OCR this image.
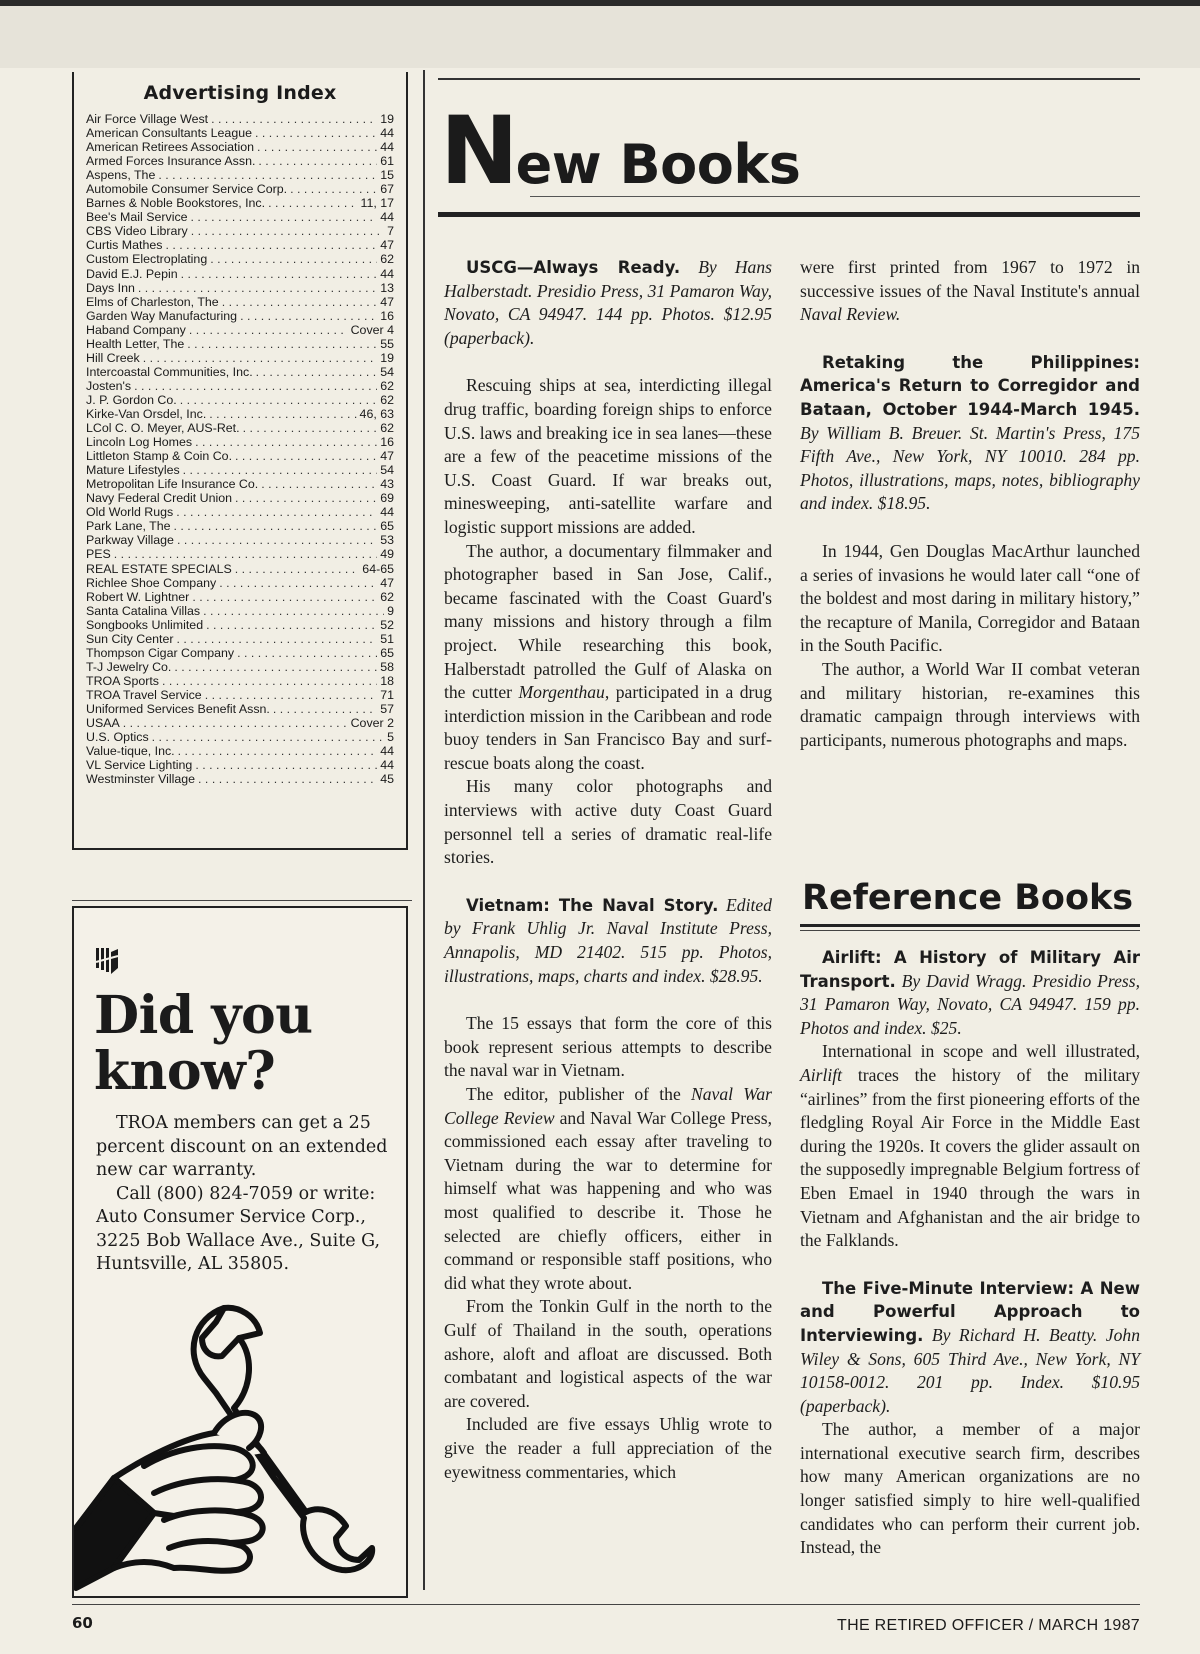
Advertising Index
Air Force Village West . . .	19
American Consultants League . . .	44
American Retirees Association . . .	44
Armed Forces Insurance Assn. . . .	61
Aspens, The . . .	15
Automobile Consumer Service Corp. . . .	67
Barnes & Noble Bookstores, Inc. . . .	11, 17
Bee's Mail Service . . .	44
CBS Video Library . . .	7
Curtis Mathes . . .	47
Custom Electroplating . . .	62
David E.J. Pepin . . .	44
Days Inn . . .	13
Elms of Charleston, The . . .	47
Garden Way Manufacturing . . .	16
Haband Company . . .	Cover 4
Health Letter, The . . .	55
Hill Creek . . .	19
Intercoastal Communities, Inc. . . .	54
Josten's . . .	62
J. P. Gordon Co. . . .	62
Kirke-Van Orsdel, Inc. . . .	46, 63
LCol C. O. Meyer, AUS-Ret. . . .	62
Lincoln Log Homes . . .	16
Littleton Stamp & Coin Co. . . .	47
Mature Lifestyles . . .	54
Metropolitan Life Insurance Co. . . .	43
Navy Federal Credit Union . . .	69
Old World Rugs . . .	44
Park Lane, The . . .	65
Parkway Village . . .	53
PES . . .	49
REAL ESTATE SPECIALS . . .	64-65
Richlee Shoe Company . . .	47
Robert W. Lightner . . .	62
Santa Catalina Villas . . .	9
Songbooks Unlimited . . .	52
Sun City Center . . .	51
Thompson Cigar Company . . .	65
T-J Jewelry Co. . . .	58
TROA Sports . . .	18
TROA Travel Service . . .	71
Uniformed Services Benefit Assn. . . .	57
USAA . . .	Cover 2
U.S. Optics . . .	5
Value-tique, Inc. . . .	44
VL Service Lighting . . .	44
Westminster Village . . .	45
Did you
know?

TROA members can get a 25 percent discount on an extended new car warranty.

Call (800) 824-7059 or write: Auto Consumer Service Corp., 3225 Bob Wallace Ave., Suite G, Huntsville, AL 35805.

New Books

USCG—Always Ready. By Hans Halberstadt. Presidio Press, 31 Pamaron Way, Novato, CA 94947. 144 pp. Photos. $12.95 (paperback).

Rescuing ships at sea, interdicting illegal drug traffic, boarding foreign ships to enforce U.S. laws and breaking ice in sea lanes—these are a few of the peacetime missions of the U.S. Coast Guard. If war breaks out, minesweeping, anti-satellite warfare and logistic support missions are added.

The author, a documentary filmmaker and photographer based in San Jose, Calif., became fascinated with the Coast Guard's many missions and history through a film project. While researching this book, Halberstadt patrolled the Gulf of Alaska on the cutter Morgenthau, participated in a drug interdiction mission in the Caribbean and rode buoy tenders in San Francisco Bay and surf-rescue boats along the coast.

His many color photographs and interviews with active duty Coast Guard personnel tell a series of dramatic real-life stories.

Vietnam: The Naval Story. Edited by Frank Uhlig Jr. Naval Institute Press, Annapolis, MD 21402. 515 pp. Photos, illustrations, maps, charts and index. $28.95.

The 15 essays that form the core of this book represent serious attempts to describe the naval war in Vietnam.

The editor, publisher of the Naval War College Review and Naval War College Press, commissioned each essay after traveling to Vietnam during the war to determine for himself what was happening and who was most qualified to describe it. Those he selected are chiefly officers, either in command or responsible staff positions, who did what they wrote about.

From the Tonkin Gulf in the north to the Gulf of Thailand in the south, operations ashore, aloft and afloat are discussed. Both combatant and logistical aspects of the war are covered.

Included are five essays Uhlig wrote to give the reader a full appreciation of the eyewitness commentaries, which

were first printed from 1967 to 1972 in successive issues of the Naval Institute's annual Naval Review.

Retaking the Philippines: America's Return to Corregidor and Bataan, October 1944-March 1945. By William B. Breuer. St. Martin's Press, 175 Fifth Ave., New York, NY 10010. 284 pp. Photos, illustrations, maps, notes, bibliography and index. $18.95.

In 1944, Gen Douglas MacArthur launched a series of invasions he would later call “one of the boldest and most daring in military history,” the recapture of Manila, Corregidor and Bataan in the South Pacific.

The author, a World War II combat veteran and military historian, re-examines this dramatic campaign through interviews with participants, numerous photographs and maps.

Reference Books

Airlift: A History of Military Air Transport. By David Wragg. Presidio Press, 31 Pamaron Way, Novato, CA 94947. 159 pp. Photos and index. $25.

International in scope and well illustrated, Airlift traces the history of the military “airlines” from the first pioneering efforts of the fledgling Royal Air Force in the Middle East during the 1920s. It covers the glider assault on the supposedly impregnable Belgium fortress of Eben Emael in 1940 through the wars in Vietnam and Afghanistan and the air bridge to the Falklands.

The Five-Minute Interview: A New and Powerful Approach to Interviewing. By Richard H. Beatty. John Wiley & Sons, 605 Third Ave., New York, NY 10158-0012. 201 pp. Index. $10.95 (paperback).

The author, a member of a major international executive search firm, describes how many American organizations are no longer satisfied simply to hire well-qualified candidates who can perform their current job. Instead, the

60	THE RETIRED OFFICER / MARCH 1987
